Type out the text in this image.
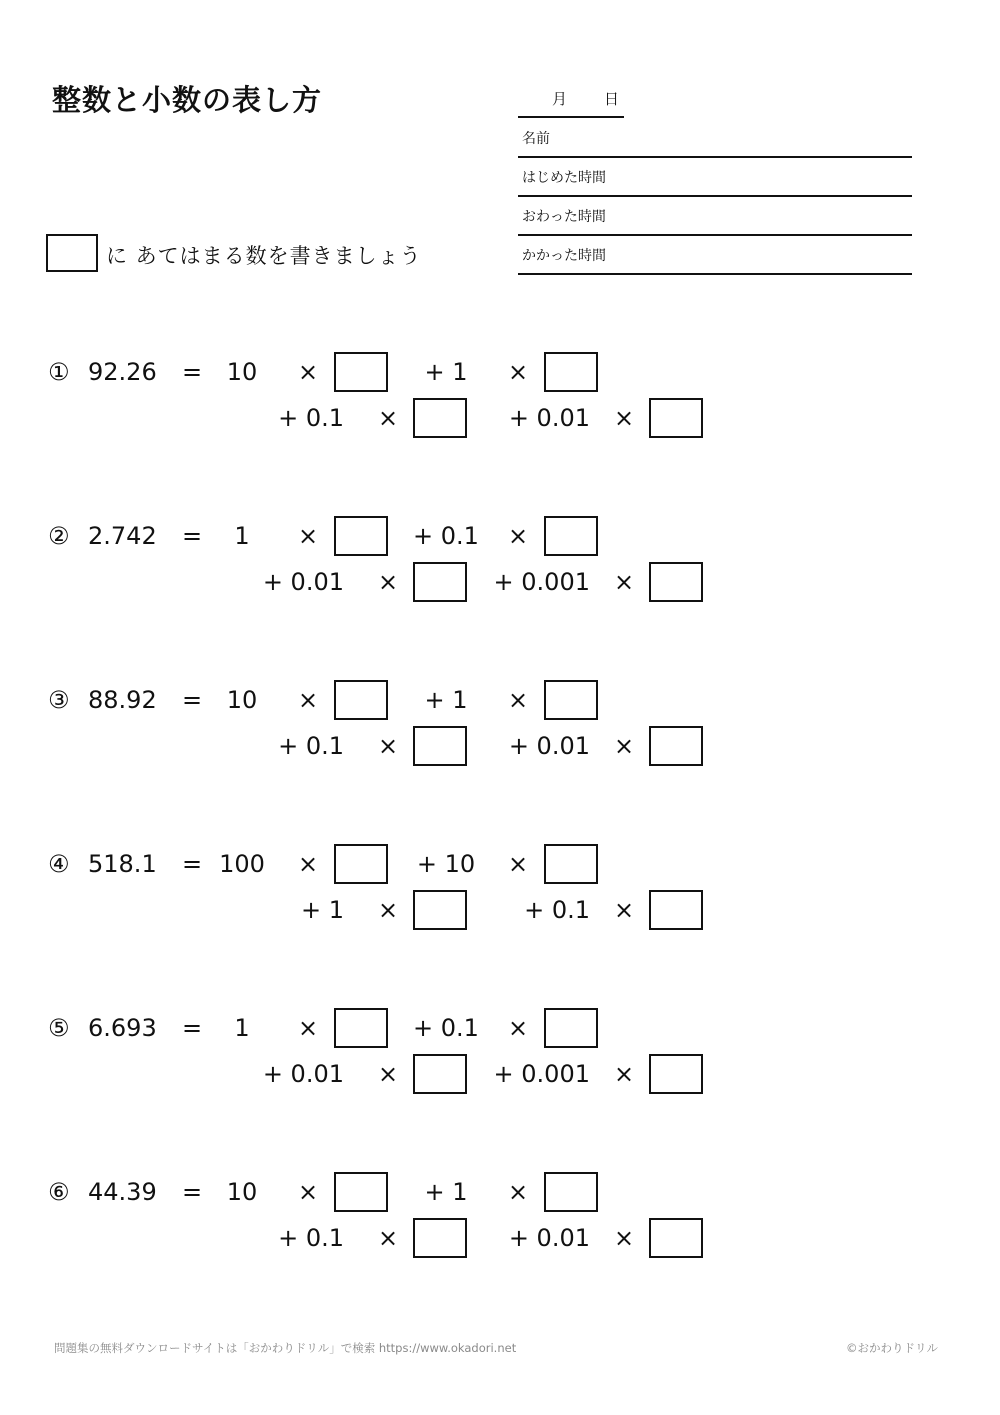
整数と小数の表し方	月 日
名前
はじめた時間
おわった時間
かかった時間
に あてはまる数を書きましょう
① 92.26 =	10	×	+ 1	×
+ 0.1 ×	+ 0.01 ×
② 2.742 =	1	×	+ 0.1 ×
+ 0.01 ×	+ 0.001 ×
③ 88.92 =	10	×	+ 1	×
+ 0.1 ×	+ 0.01 ×
④ 518.1 = 100	×	+ 10	×
+ 1 ×	+ 0.1 ×
⑤ 6.693 =	1	×	+ 0.1 ×
+ 0.01 ×	+ 0.001 ×
⑥ 44.39 =	10	×	+ 1	×
+ 0.1 ×	+ 0.01 ×
問題集の無料ダウンロードサイトは「おかわりドリル」で検索 https://www.okadori.net	©おかわりドリル
